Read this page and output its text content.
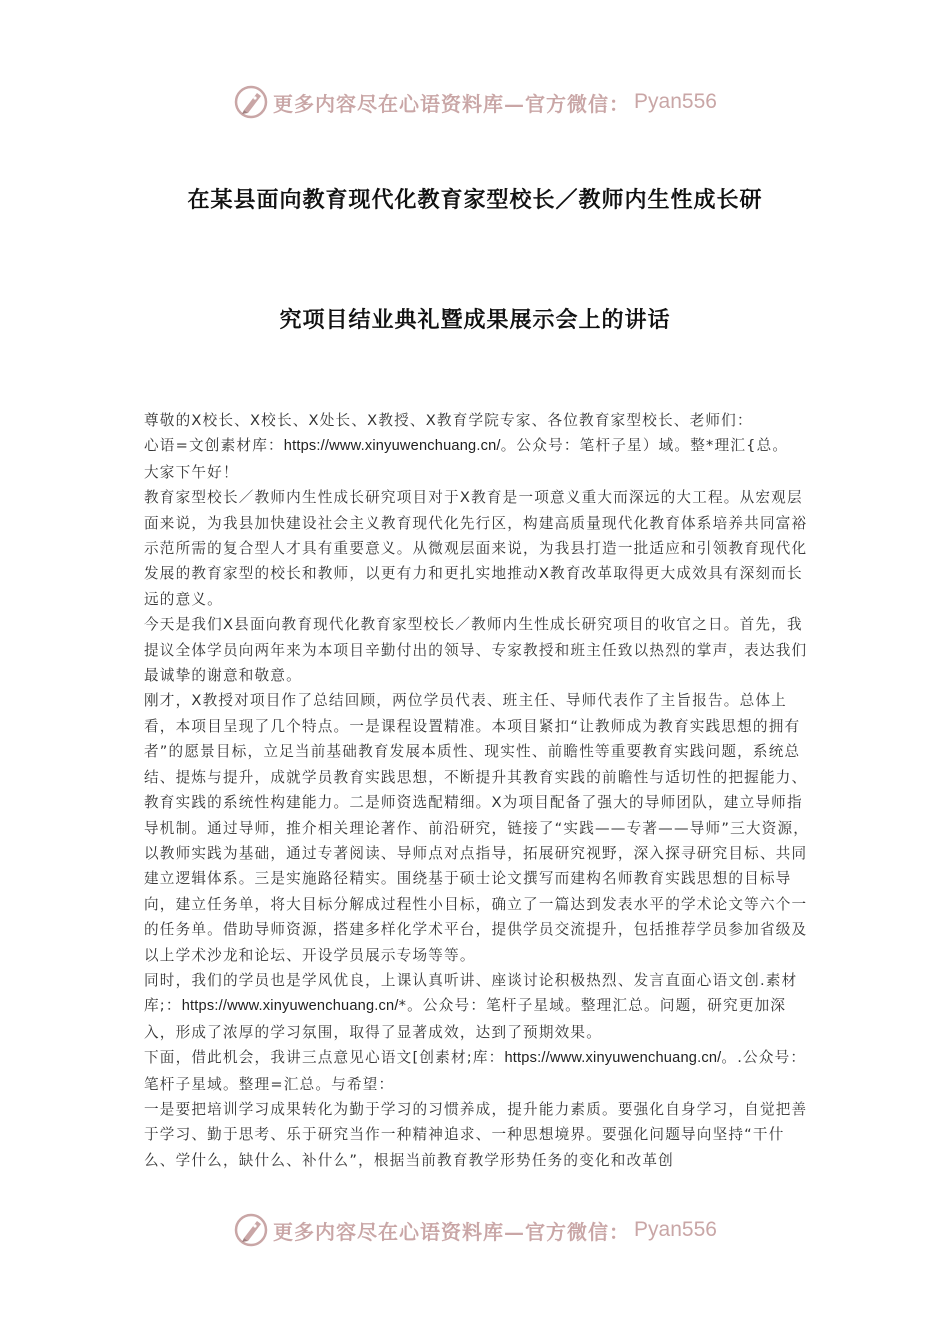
更多内容尽在心语资料库—官方微信： Pyan556
在某县面向教育现代化教育家型校长／教师内生性成长研
究项目结业典礼暨成果展示会上的讲话

尊敬的X校长、X校长、X处长、X教授、X教育学院专家、各位教育家型校长、老师们：

心语=文创素材库：https://www.xinyuwenchuang.cn/。公众号：笔杆子星）域。整*理汇{总。

大家下午好！

教育家型校长／教师内生性成长研究项目对于X教育是一项意义重大而深远的大工程。从宏观层面来说，为我县加快建设社会主义教育现代化先行区，构建高质量现代化教育体系培养共同富裕示范所需的复合型人才具有重要意义。从微观层面来说，为我县打造一批适应和引领教育现代化发展的教育家型的校长和教师，以更有力和更扎实地推动X教育改革取得更大成效具有深刻而长远的意义。

今天是我们X县面向教育现代化教育家型校长／教师内生性成长研究项目的收官之日。首先，我提议全体学员向两年来为本项目辛勤付出的领导、专家教授和班主任致以热烈的掌声，表达我们最诚挚的谢意和敬意。

刚才，X教授对项目作了总结回顾，两位学员代表、班主任、导师代表作了主旨报告。总体上看，本项目呈现了几个特点。一是课程设置精准。本项目紧扣“让教师成为教育实践思想的拥有者”的愿景目标，立足当前基础教育发展本质性、现实性、前瞻性等重要教育实践问题，系统总结、提炼与提升，成就学员教育实践思想，不断提升其教育实践的前瞻性与适切性的把握能力、教育实践的系统性构建能力。二是师资选配精细。X为项目配备了强大的导师团队，建立导师指导机制。通过导师，推介相关理论著作、前沿研究，链接了“实践——专著——导师”三大资源，以教师实践为基础，通过专著阅读、导师点对点指导，拓展研究视野，深入探寻研究目标、共同建立逻辑体系。三是实施路径精实。围绕基于硕士论文撰写而建构名师教育实践思想的目标导向，建立任务单，将大目标分解成过程性小目标，确立了一篇达到发表水平的学术论文等六个一的任务单。借助导师资源，搭建多样化学术平台，提供学员交流提升，包括推荐学员参加省级及以上学术沙龙和论坛、开设学员展示专场等等。

同时，我们的学员也是学风优良，上课认真听讲、座谈讨论积极热烈、发言直面心语文创.素材库;：https://www.xinyuwenchuang.cn/*。公众号：笔杆子星域。整理汇总。问题，研究更加深入，形成了浓厚的学习氛围，取得了显著成效，达到了预期效果。

下面，借此机会，我讲三点意见心语文[创素材;库：https://www.xinyuwenchuang.cn/。.公众号：笔杆子星域。整理=汇总。与希望：

一是要把培训学习成果转化为勤于学习的习惯养成，提升能力素质。要强化自身学习，自觉把善于学习、勤于思考、乐于研究当作一种精神追求、一种思想境界。要强化问题导向坚持“干什么、学什么，缺什么、补什么”，根据当前教育教学形势任务的变化和改革创

更多内容尽在心语资料库—官方微信： Pyan556
